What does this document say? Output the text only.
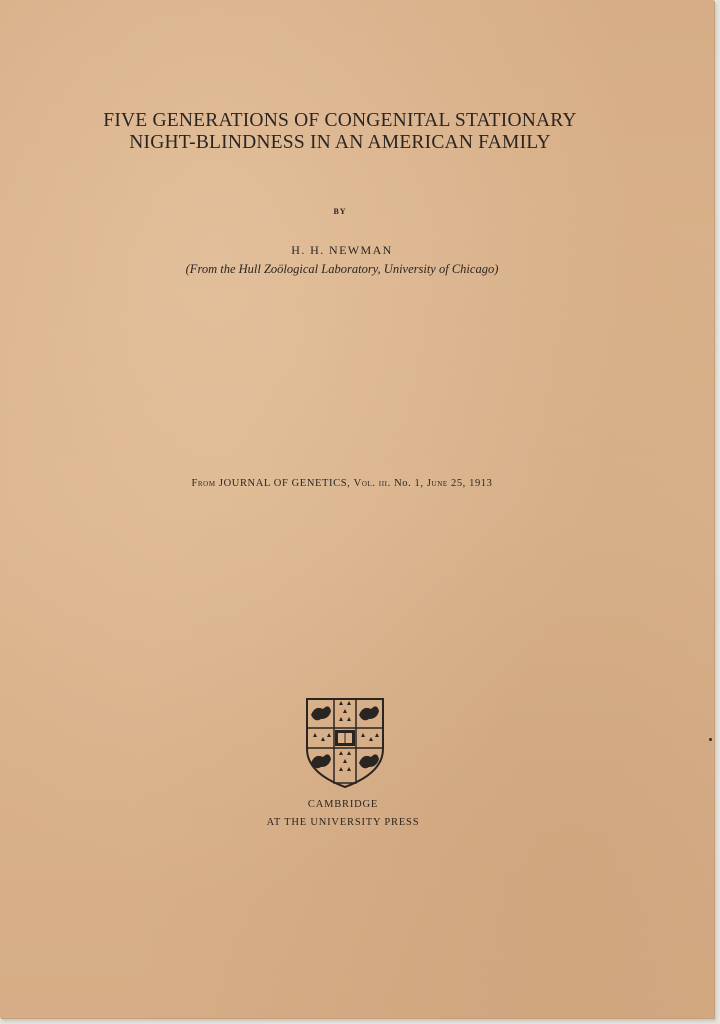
FIVE GENERATIONS OF CONGENITAL STATIONARY
NIGHT-BLINDNESS IN AN AMERICAN FAMILY
BY
H. H. NEWMAN
(From the Hull Zoölogical Laboratory, University of Chicago)
From JOURNAL OF GENETICS, Vol. iii. No. 1, June 25, 1913
CAMBRIDGE
AT THE UNIVERSITY PRESS
